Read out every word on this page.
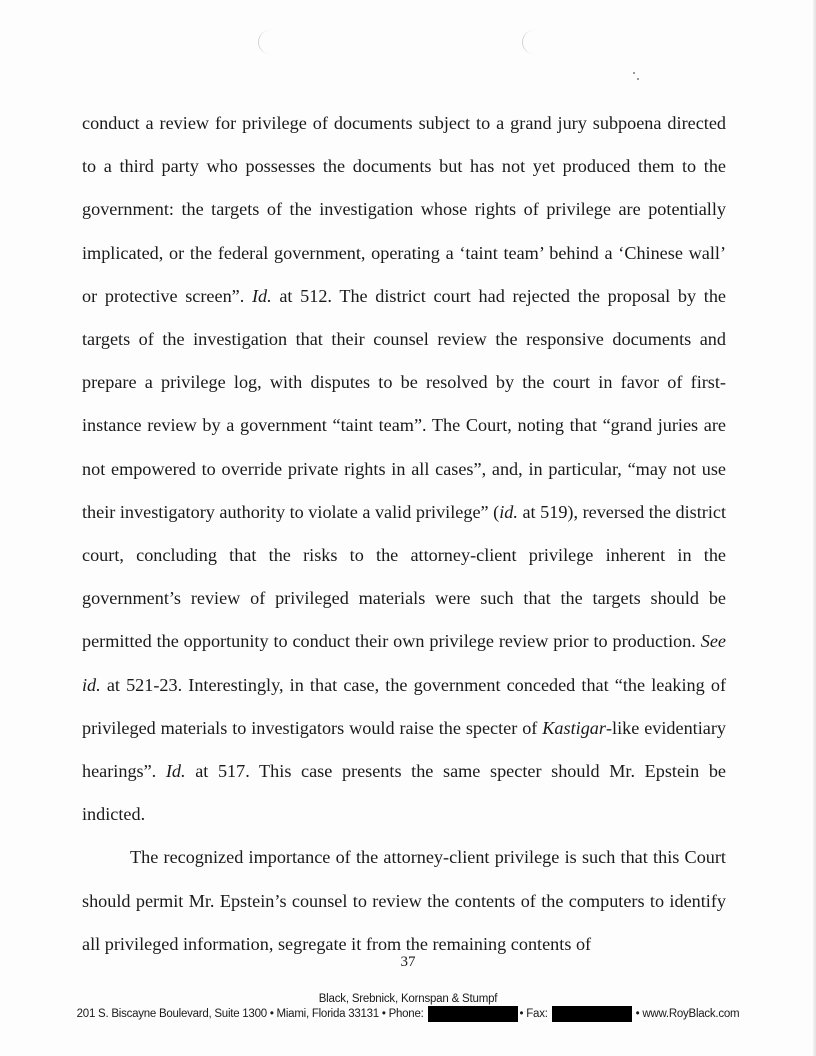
conduct a review for privilege of documents subject to a grand jury subpoena directed to a third party who possesses the documents but has not yet produced them to the government: the targets of the investigation whose rights of privilege are potentially implicated, or the federal government, operating a ‘taint team’ behind a ‘Chinese wall’ or protective screen”. Id. at 512. The district court had rejected the proposal by the targets of the investigation that their counsel review the responsive documents and prepare a privilege log, with disputes to be resolved by the court in favor of first-instance review by a government “taint team”. The Court, noting that “grand juries are not empowered to override private rights in all cases”, and, in particular, “may not use their investigatory authority to violate a valid privilege” (id. at 519), reversed the district court, concluding that the risks to the attorney-client privilege inherent in the government’s review of privileged materials were such that the targets should be permitted the opportunity to conduct their own privilege review prior to production. See id. at 521-23. Interestingly, in that case, the government conceded that “the leaking of privileged materials to investigators would raise the specter of Kastigar-like evidentiary hearings”. Id. at 517. This case presents the same specter should Mr. Epstein be indicted.

The recognized importance of the attorney-client privilege is such that this Court should permit Mr. Epstein’s counsel to review the contents of the computers to identify all privileged information, segregate it from the remaining contents of

37
Black, Srebnick, Kornspan & Stumpf
201 S. Biscayne Boulevard, Suite 1300 • Miami, Florida 33131 • Phone:	• Fax:	• www.RoyBlack.com
